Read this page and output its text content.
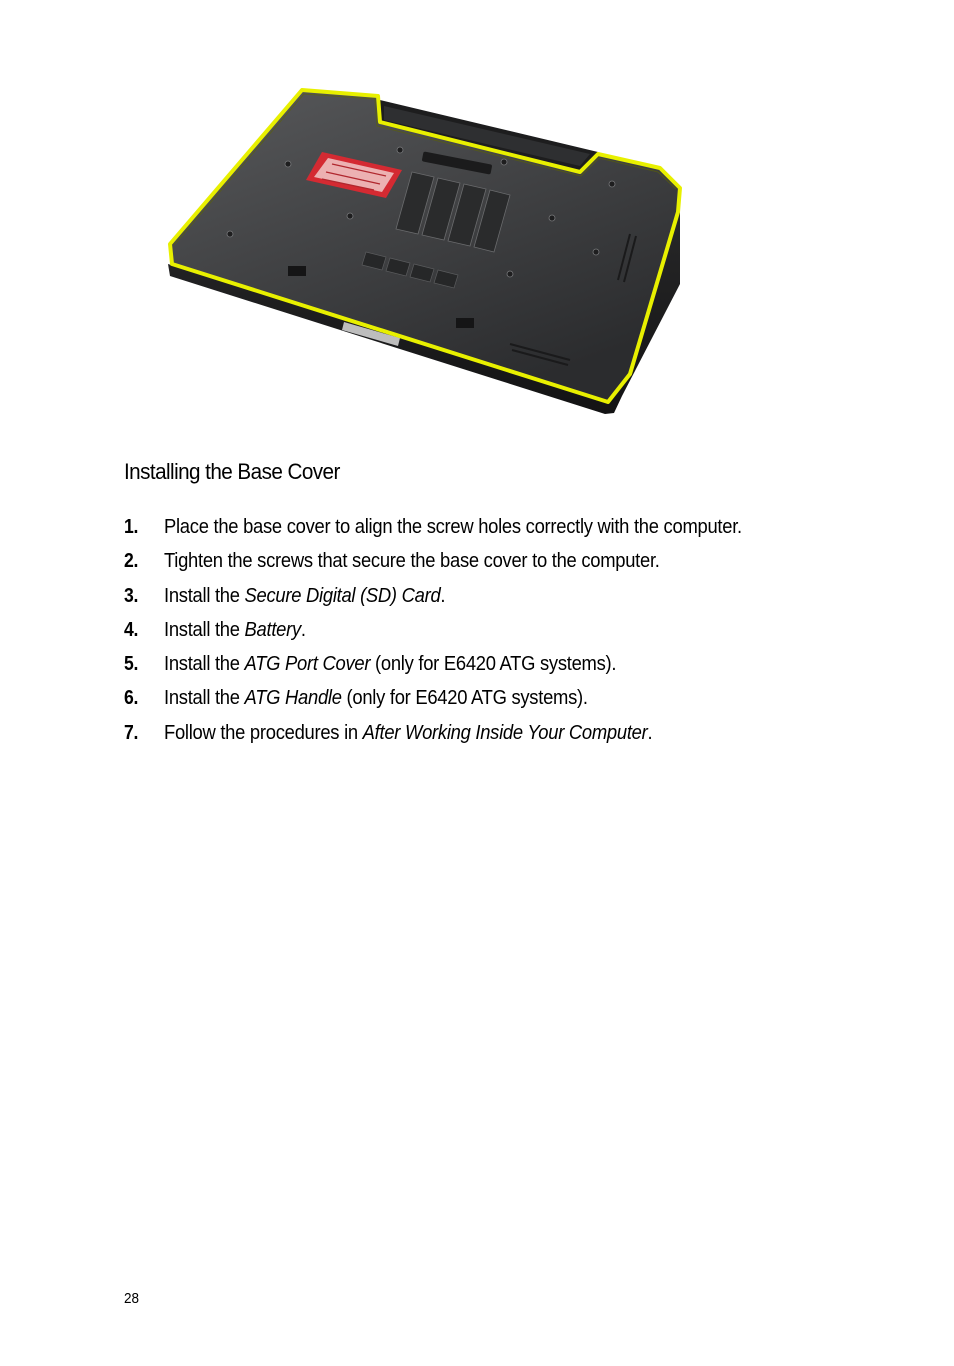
Installing the Base Cover
1. Place the base cover to align the screw holes correctly with the computer.
2. Tighten the screws that secure the base cover to the computer.
3. Install the Secure Digital (SD) Card.
4. Install the Battery.
5. Install the ATG Port Cover (only for E6420 ATG systems).
6. Install the ATG Handle (only for E6420 ATG systems).
7. Follow the procedures in After Working Inside Your Computer.
28
